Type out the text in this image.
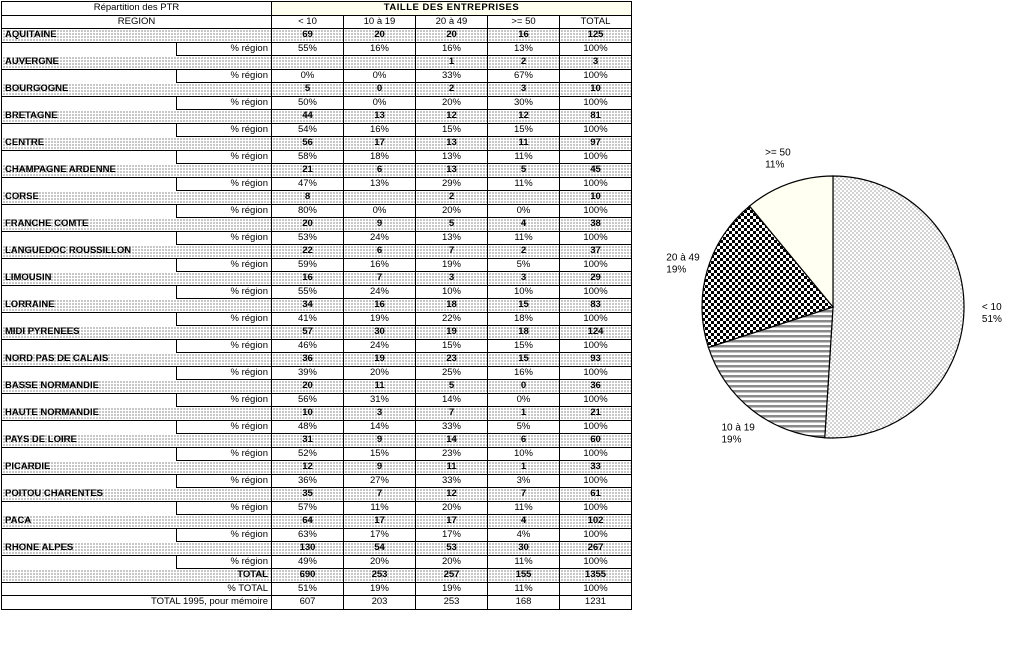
Répartition des PTR		TAILLE DES ENTREPRISES				
REGION		< 10	10 à 19	20 à 49	>= 50	TOTAL
AQUITAINE		69	20	20	16	125
	% région	55%	16%	16%	13%	100%
AUVERGNE				1	2	3
	% région	0%	0%	33%	67%	100%
BOURGOGNE		5	0	2	3	10
	% région	50%	0%	20%	30%	100%
BRETAGNE		44	13	12	12	81
	% région	54%	16%	15%	15%	100%
CENTRE		56	17	13	11	97
	% région	58%	18%	13%	11%	100%
CHAMPAGNE ARDENNE		21	6	13	5	45
	% région	47%	13%	29%	11%	100%
CORSE		8		2		10
	% région	80%	0%	20%	0%	100%
FRANCHE COMTE		20	9	5	4	38
	% région	53%	24%	13%	11%	100%
LANGUEDOC ROUSSILLON		22	6	7	2	37
	% région	59%	16%	19%	5%	100%
LIMOUSIN		16	7	3	3	29
	% région	55%	24%	10%	10%	100%
LORRAINE		34	16	18	15	83
	% région	41%	19%	22%	18%	100%
MIDI PYRENEES		57	30	19	18	124
	% région	46%	24%	15%	15%	100%
NORD PAS DE CALAIS		36	19	23	15	93
	% région	39%	20%	25%	16%	100%
BASSE NORMANDIE		20	11	5	0	36
	% région	56%	31%	14%	0%	100%
HAUTE NORMANDIE		10	3	7	1	21
	% région	48%	14%	33%	5%	100%
PAYS DE LOIRE		31	9	14	6	60
	% région	52%	15%	23%	10%	100%
PICARDIE		12	9	11	1	33
	% région	36%	27%	33%	3%	100%
POITOU CHARENTES		35	7	12	7	61
	% région	57%	11%	20%	11%	100%
PACA		64	17	17	4	102
	% région	63%	17%	17%	4%	100%
RHONE ALPES		130	54	53	30	267
	% région	49%	20%	20%	11%	100%
TOTAL		690	253	257	155	1355
% TOTAL		51%	19%	19%	11%	100%
TOTAL 1995, pour mémoire		607	203	253	168	1231
< 10
51%
10 à 19
19%
20 à 49
19%
>= 50
11%
